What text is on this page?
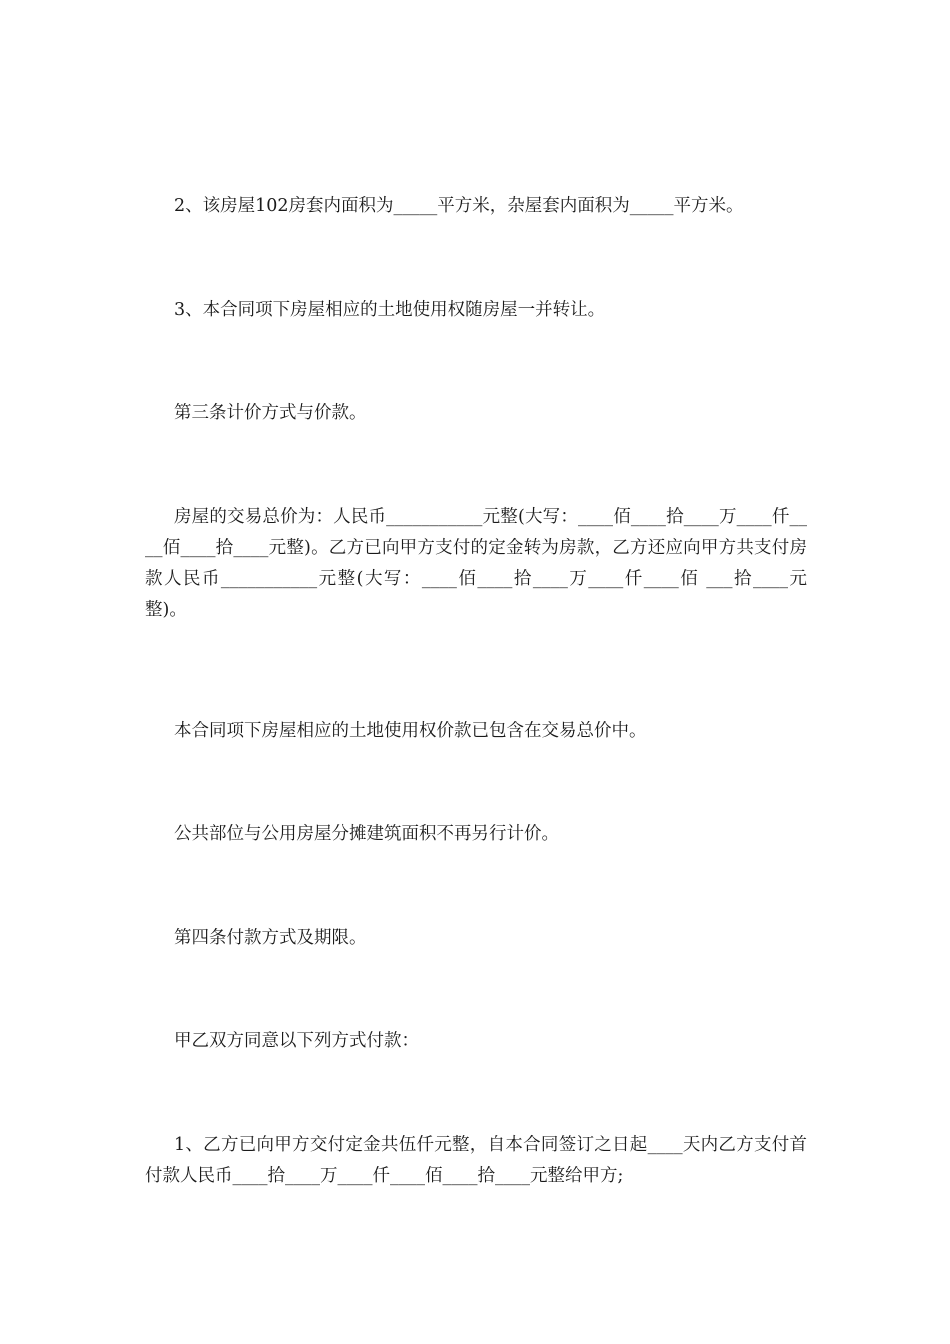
2、该房屋102房套内面积为_____平方米，杂屋套内面积为_____平方米。

3、本合同项下房屋相应的土地使用权随房屋一并转让。

第三条计价方式与价款。

房屋的交易总价为：人民币___________元整(大写：____佰____拾____万____仟____佰____拾____元整)。乙方已向甲方支付的定金转为房款，乙方还应向甲方共支付房款人民币___________元整(大写：____佰____拾____万____仟____佰 ___拾____元整)。

本合同项下房屋相应的土地使用权价款已包含在交易总价中。

公共部位与公用房屋分摊建筑面积不再另行计价。

第四条付款方式及期限。

甲乙双方同意以下列方式付款：

1、乙方已向甲方交付定金共伍仟元整，自本合同签订之日起____天内乙方支付首付款人民币____拾____万____仟____佰____拾____元整给甲方;
